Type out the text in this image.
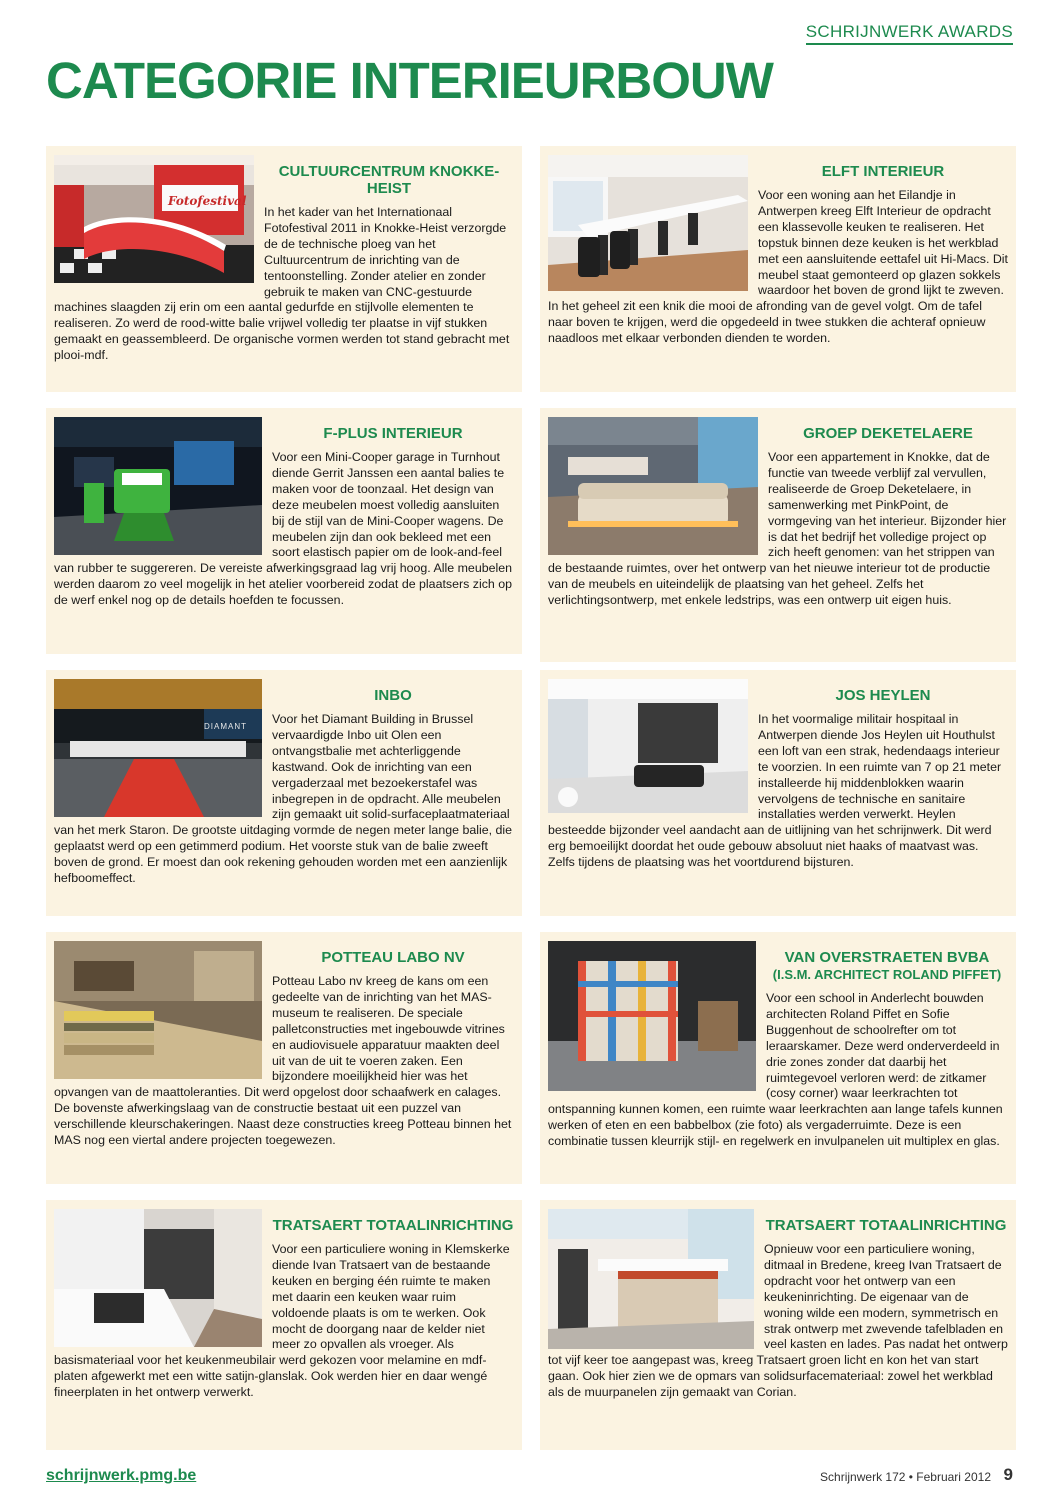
SCHRIJNWERK AWARDS
CATEGORIE INTERIEURBOUW
Fotofestival
CULTUURCENTRUM KNOKKE-HEIST

In het kader van het Internationaal Fotofestival 2011 in Knokke-Heist verzorgde de de technische ploeg van het Cultuurcentrum de inrichting van de tentoonstelling. Zonder atelier en zonder gebruik te maken van CNC-gestuurde machines slaagden zij erin om een aantal gedurfde en stijlvolle elementen te realiseren. Zo werd de rood-witte balie vrijwel volledig ter plaatse in vijf stukken gemaakt en geassembleerd. De organische vormen werden tot stand gebracht met plooi-mdf.

ELFT INTERIEUR

Voor een woning aan het Eilandje in Antwerpen kreeg Elft Interieur de opdracht een klassevolle keuken te realiseren. Het topstuk binnen deze keuken is het werkblad met een aansluitende eettafel uit Hi-Macs. Dit meubel staat gemonteerd op glazen sokkels waardoor het boven de grond lijkt te zweven. In het geheel zit een knik die mooi de afronding van de gevel volgt. Om de tafel naar boven te krijgen, werd die opgedeeld in twee stukken die achteraf opnieuw naadloos met elkaar verbonden dienden te worden.

F-PLUS INTERIEUR

Voor een Mini-Cooper garage in Turnhout diende Gerrit Janssen een aantal balies te maken voor de toonzaal. Het design van deze meubelen moest volledig aansluiten bij de stijl van de Mini-Cooper wagens. De meubelen zijn dan ook bekleed met een soort elastisch papier om de look-and-feel van rubber te suggereren. De vereiste afwerkingsgraad lag vrij hoog. Alle meubelen werden daarom zo veel mogelijk in het atelier voorbereid zodat de plaatsers zich op de werf enkel nog op de details hoefden te focussen.

GROEP DEKETELAERE

Voor een appartement in Knokke, dat de functie van tweede verblijf zal vervullen, realiseerde de Groep Deketelaere, in samenwerking met PinkPoint, de vormgeving van het interieur. Bijzonder hier is dat het bedrijf het volledige project op zich heeft genomen: van het strippen van de bestaande ruimtes, over het ontwerp van het nieuwe interieur tot de productie van de meubels en uiteindelijk de plaatsing van het geheel. Zelfs het verlichtingsontwerp, met enkele ledstrips, was een ontwerp uit eigen huis.

DIAMANT
INBO

Voor het Diamant Building in Brussel vervaardigde Inbo uit Olen een ontvangstbalie met achterliggende kastwand. Ook de inrichting van een vergaderzaal met bezoekerstafel was inbegrepen in de opdracht. Alle meubelen zijn gemaakt uit solid-surfaceplaatmateriaal van het merk Staron. De grootste uitdaging vormde de negen meter lange balie, die geplaatst werd op een getimmerd podium. Het voorste stuk van de balie zweeft boven de grond. Er moest dan ook rekening gehouden worden met een aanzienlijk hefboomeffect.

JOS HEYLEN

In het voormalige militair hospitaal in Antwerpen diende Jos Heylen uit Houthulst een loft van een strak, hedendaags interieur te voorzien. In een ruimte van 7 op 21 meter installeerde hij middenblokken waarin vervolgens de technische en sanitaire installaties werden verwerkt. Heylen besteedde bijzonder veel aandacht aan de uitlijning van het schrijnwerk. Dit werd erg bemoeilijkt doordat het oude gebouw absoluut niet haaks of maatvast was. Zelfs tijdens de plaatsing was het voortdurend bijsturen.

POTTEAU LABO NV

Potteau Labo nv kreeg de kans om een gedeelte van de inrichting van het MAS-museum te realiseren. De speciale palletconstructies met ingebouwde vitrines en audiovisuele apparatuur maakten deel uit van de uit te voeren zaken. Een bijzondere moeilijkheid hier was het opvangen van de maattoleranties. Dit werd opgelost door schaafwerk en calages. De bovenste afwerkingslaag van de constructie bestaat uit een puzzel van verschillende kleurschakeringen. Naast deze constructies kreeg Potteau binnen het MAS nog een viertal andere projecten toegewezen.

VAN OVERSTRAETEN BVBA
(I.S.M. ARCHITECT ROLAND PIFFET)

Voor een school in Anderlecht bouwden architecten Roland Piffet en Sofie Buggenhout de schoolrefter om tot leraarskamer. Deze werd onderverdeeld in drie zones zonder dat daarbij het ruimtegevoel verloren werd: de zitkamer (cosy corner) waar leerkrachten tot ontspanning kunnen komen, een ruimte waar leerkrachten aan lange tafels kunnen werken of eten en een babbelbox (zie foto) als vergaderruimte. Deze is een combinatie tussen kleurrijk stijl- en regelwerk en invulpanelen uit multiplex en glas.

TRATSAERT TOTAALINRICHTING

Voor een particuliere woning in Klemskerke diende Ivan Tratsaert van de bestaande keuken en berging één ruimte te maken met daarin een keuken waar ruim voldoende plaats is om te werken. Ook mocht de doorgang naar de kelder niet meer zo opvallen als vroeger. Als basismateriaal voor het keukenmeubilair werd gekozen voor melamine en mdf-platen afgewerkt met een witte satijn-glanslak. Ook werden hier en daar wengé fineerplaten in het ontwerp verwerkt.

TRATSAERT TOTAALINRICHTING

Opnieuw voor een particuliere woning, ditmaal in Bredene, kreeg Ivan Tratsaert de opdracht voor het ontwerp van een keukeninrichting. De eigenaar van de woning wilde een modern, symmetrisch en strak ontwerp met zwevende tafelbladen en veel kasten en lades. Pas nadat het ontwerp tot vijf keer toe aangepast was, kreeg Tratsaert groen licht en kon het van start gaan. Ook hier zien we de opmars van solidsurfacemateriaal: zowel het werkblad als de muurpanelen zijn gemaakt van Corian.

schrijnwerk.pmg.be	Schrijnwerk 172 • Februari 2012 9
